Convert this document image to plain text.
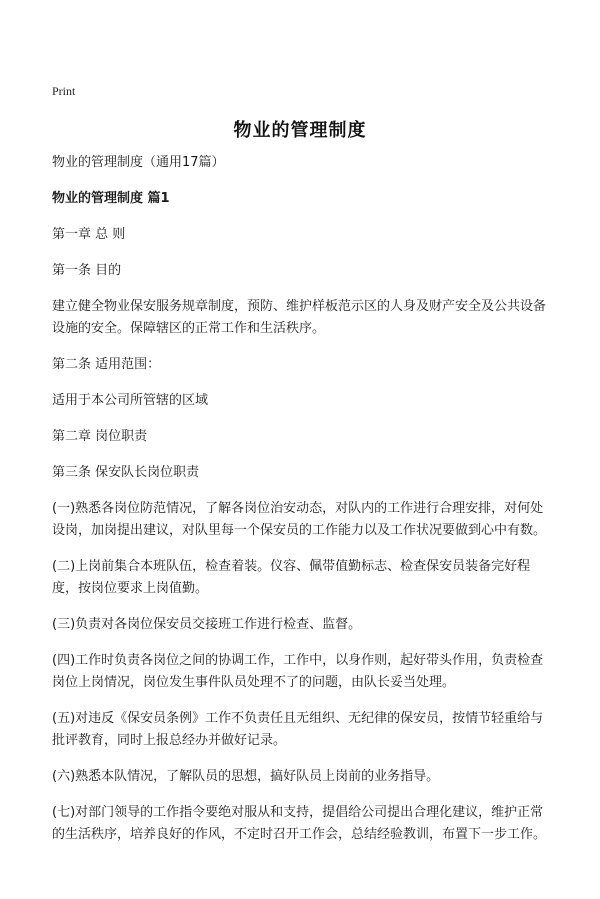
Print
物业的管理制度

物业的管理制度（通用17篇）

物业的管理制度 篇1

第一章 总 则

第一条 目的

建立健全物业保安服务规章制度，预防、维护样板范示区的人身及财产安全及公共设备设施的安全。保障辖区的正常工作和生活秩序。

第二条 适用范围：

适用于本公司所管辖的区域

第二章 岗位职责

第三条 保安队长岗位职责

(一)熟悉各岗位防范情况，了解各岗位治安动态，对队内的工作进行合理安排，对何处设岗，加岗提出建议，对队里每一个保安员的工作能力以及工作状况要做到心中有数。

(二)上岗前集合本班队伍，检查着装。仪容、佩带值勤标志、检查保安员装备完好程度，按岗位要求上岗值勤。

(三)负责对各岗位保安员交接班工作进行检查、监督。

(四)工作时负责各岗位之间的协调工作，工作中，以身作则，起好带头作用，负责检查岗位上岗情况，岗位发生事件队员处理不了的问题，由队长妥当处理。

(五)对违反《保安员条例》工作不负责任且无组织、无纪律的保安员，按情节轻重给与批评教育，同时上报总经办并做好记录。

(六)熟悉本队情况，了解队员的思想，搞好队员上岗前的业务指导。

(七)对部门领导的工作指令要绝对服从和支持，提倡给公司提出合理化建议，维护正常的生活秩序，培养良好的作风，不定时召开工作会，总结经验教训，布置下一步工作。
